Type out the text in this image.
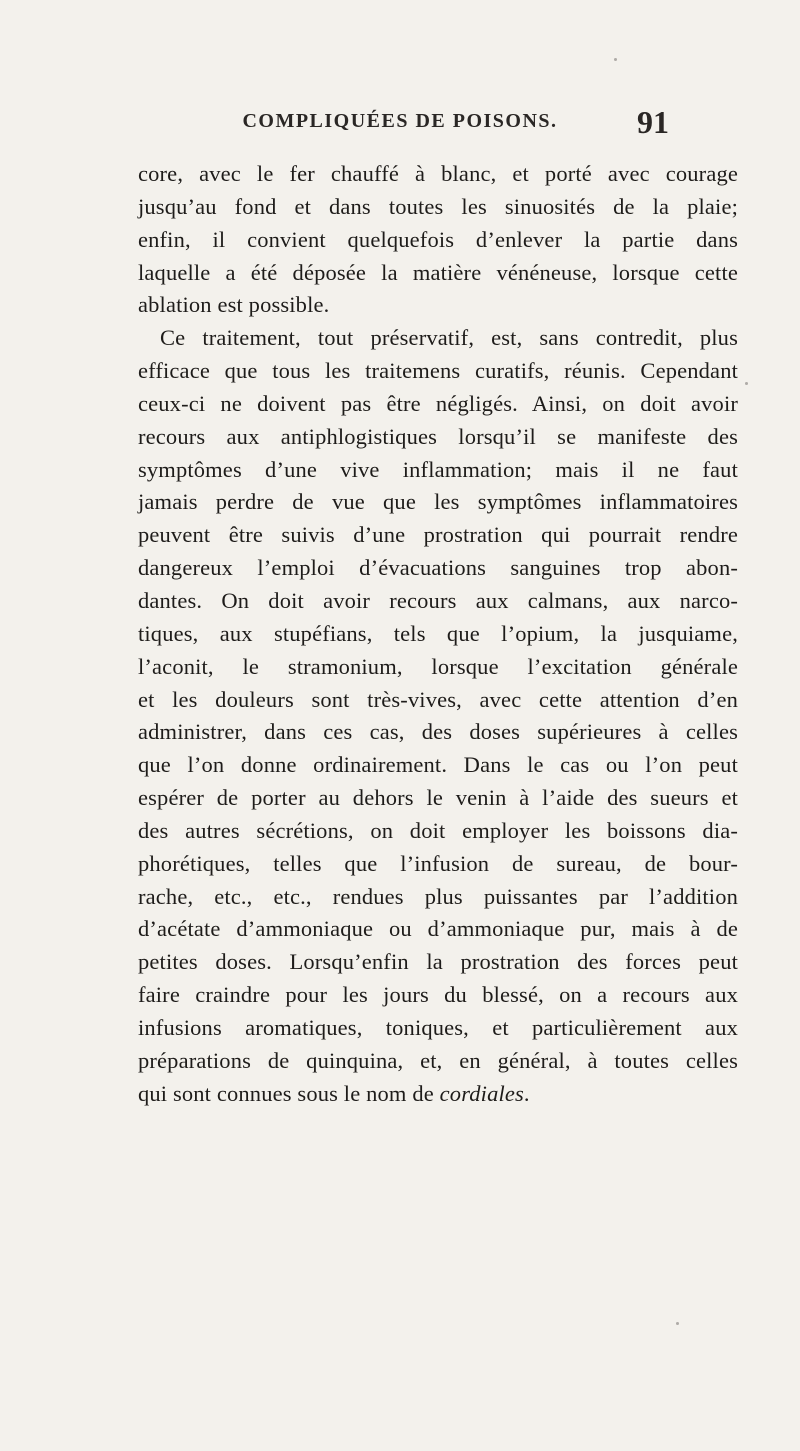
COMPLIQUÉES DE POISONS.	91
core, avec le fer chauffé à blanc, et porté avec courage
jusqu’au fond et dans toutes les sinuosités de la plaie;
enfin, il convient quelquefois d’enlever la partie dans
laquelle a été déposée la matière vénéneuse, lorsque cette
ablation est possible.
Ce traitement, tout préservatif, est, sans contredit, plus
efficace que tous les traitemens curatifs, réunis. Cependant
ceux-ci ne doivent pas être négligés. Ainsi, on doit avoir
recours aux antiphlogistiques lorsqu’il se manifeste des
symptômes d’une vive inflammation; mais il ne faut
jamais perdre de vue que les symptômes inflammatoires
peuvent être suivis d’une prostration qui pourrait rendre
dangereux l’emploi d’évacuations sanguines trop abon-
dantes. On doit avoir recours aux calmans, aux narco-
tiques, aux stupéfians, tels que l’opium, la jusquiame,
l’aconit, le stramonium, lorsque l’excitation générale
et les douleurs sont très-vives, avec cette attention d’en
administrer, dans ces cas, des doses supérieures à celles
que l’on donne ordinairement. Dans le cas ou l’on peut
espérer de porter au dehors le venin à l’aide des sueurs et
des autres sécrétions, on doit employer les boissons dia-
phorétiques, telles que l’infusion de sureau, de bour-
rache, etc., etc., rendues plus puissantes par l’addition
d’acétate d’ammoniaque ou d’ammoniaque pur, mais à de
petites doses. Lorsqu’enfin la prostration des forces peut
faire craindre pour les jours du blessé, on a recours aux
infusions aromatiques, toniques, et particulièrement aux
préparations de quinquina, et, en général, à toutes celles
qui sont connues sous le nom de cordiales.
